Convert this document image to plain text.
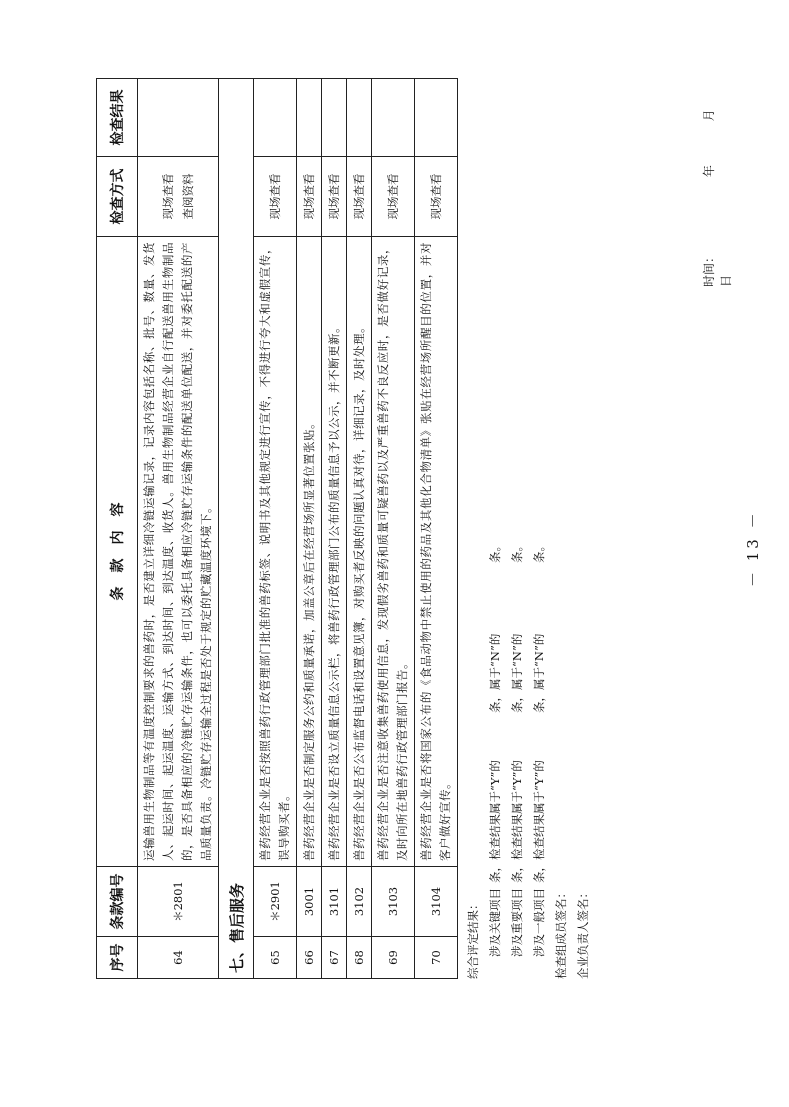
序号	条款编号	条　款　内　容	检查方式	检查结果
64	＊2801	运输兽用生物制品等有温度控制要求的兽药时，是否建立详细冷链运输记录，记录内容包括名称、批号、数量、发货人、起运时间、起运温度、运输方式、到达时间、到达温度、收货人。兽用生物制品经营企业自行配送兽用生物制品的，是否具备相应的冷链贮存运输条件，也可以委托具备相应冷链贮存运输条件的配送单位配送，并对委托配送的产品质量负责。冷链贮存运输全过程是否处于规定的贮藏温度环境下。	现场查看 查阅资料	

七、售后服务				
65	＊2901	兽药经营企业是否按照兽药行政管理部门批准的兽药标签、说明书及其他规定进行宣传，不得进行夸大和虚假宣传，误导购买者。	现场查看	
66	3001	兽药经营企业是否制定服务公约和质量承诺，加盖公章后在经营场所显著位置张贴。	现场查看	
67	3101	兽药经营企业是否设立质量信息公示栏，将兽药行政管理部门公布的质量信息予以公示，并不断更新。	现场查看	
68	3102	兽药经营企业是否公布监督电话和设置意见簿，对购买者反映的问题认真对待，详细记录，及时处理。	现场查看	
69	3103	兽药经营企业是否注意收集兽药使用信息，发现假劣兽药和质量可疑兽药以及严重兽药不良反应时，是否做好记录，及时向所在地兽药行政管理部门报告。	现场查看	
70	3104	兽药经营企业是否将国家公布的《食品动物中禁止使用的药品及其他化合物清单》张贴在经营场所醒目的位置，并对客户做好宣传。	现场查看	
综合评定结果： 涉及关键项目
条，检查结果属于“Y”的
条，属于“N”的
条。
涉及重要项目
条，检查结果属于“Y”的
条，属于“N”的
条。
涉及一般项目
条，检查结果属于“Y”的
条，属于“N”的
条。
检查组成员签名： 企业负责人签名：
时间： 年 月 日
－ 13 －
